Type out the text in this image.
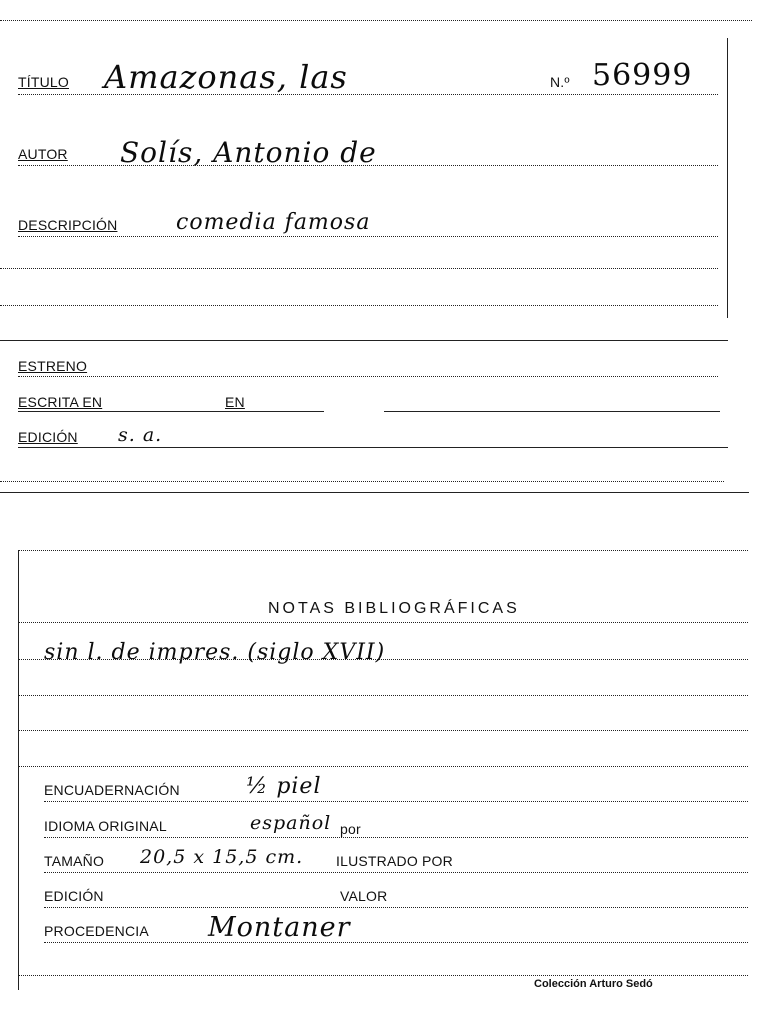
TÍTULO Amazonas, las	N.º 56999
AUTOR Solís, Antonio de
DESCRIPCIÓN	comedia famosa
ESTRENO
ESCRITA EN	EN
EDICIÓN s. a.
NOTAS BIBLIOGRÁFICAS
sin l. de impres. (siglo XVII)
ENCUADERNACIÓN	½ piel
IDIOMA ORIGINAL	español por
TAMAÑO 20,5 x 15,5 cm. ILUSTRADO POR
EDICIÓN	VALOR
PROCEDENCIA Montaner
Colección Arturo Sedó
